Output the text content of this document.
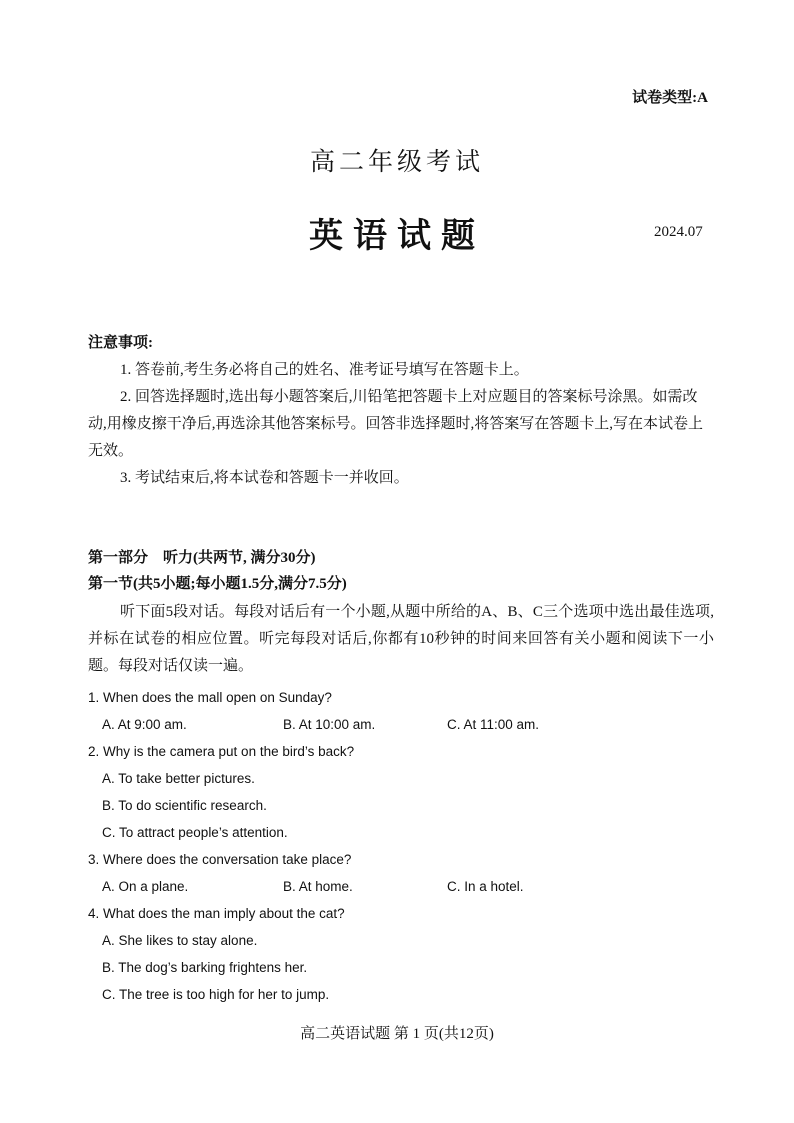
试卷类型:A
高二年级考试
英语试题	2024.07
注意事项:
1. 答卷前,考生务必将自己的姓名、准考证号填写在答题卡上。
2. 回答选择题时,选出每小题答案后,川铅笔把答题卡上对应题目的答案标号涂黑。如需改动,用橡皮擦干净后,再选涂其他答案标号。回答非选择题时,将答案写在答题卡上,写在本试卷上无效。
3. 考试结束后,将本试卷和答题卡一并收回。
第一部分　听力(共两节, 满分30分)
第一节(共5小题;每小题1.5分,满分7.5分)
听下面5段对话。每段对话后有一个小题,从题中所给的A、B、C三个选项中选出最佳选项,并标在试卷的相应位置。听完每段对话后,你都有10秒钟的时间来回答有关小题和阅读下一小题。每段对话仅读一遍。
1. When does the mall open on Sunday?
A. At 9:00 am.	B. At 10:00 am.	C. At 11:00 am.
2. Why is the camera put on the bird’s back?
A. To take better pictures.
B. To do scientific research.
C. To attract people’s attention.
3. Where does the conversation take place?
A. On a plane.	B. At home.	C. In a hotel.
4. What does the man imply about the cat?
A. She likes to stay alone.
B. The dog’s barking frightens her.
C. The tree is too high for her to jump.
高二英语试题 第 1 页(共12页)
